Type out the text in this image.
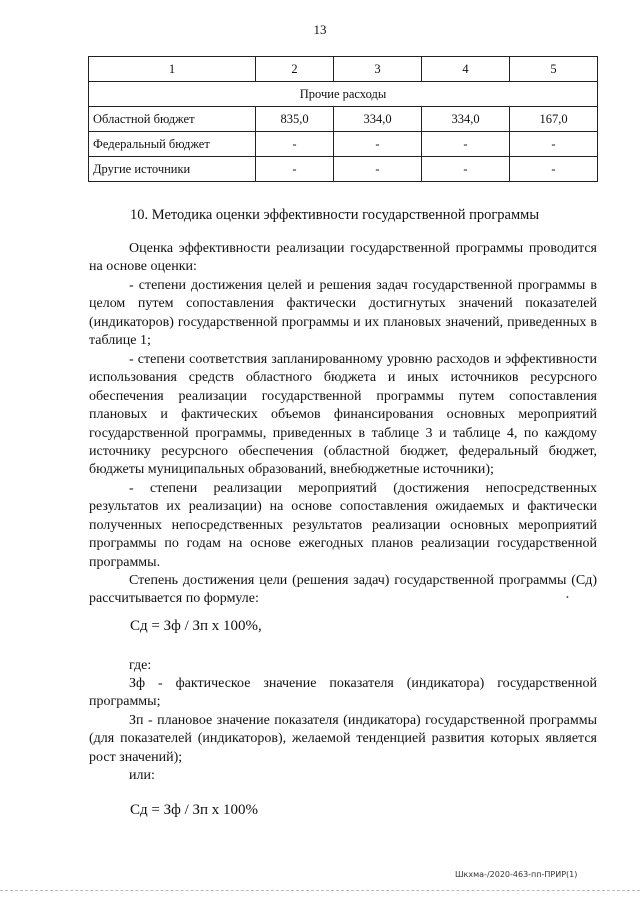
13
1	2	3	4	5
Прочие расходы				
Областной бюджет	835,0	334,0	334,0	167,0
Федеральный бюджет	-	-	-	-
Другие источники	-	-	-	-
10. Методика оценки эффективности государственной программы
Оценка эффективности реализации государственной программы проводится на основе оценки:
- степени достижения целей и решения задач государственной программы в целом путем сопоставления фактически достигнутых значений показателей (индикаторов) государственной программы и их плановых значений, приведенных в таблице 1;
- степени соответствия запланированному уровню расходов и эффективности использования средств областного бюджета и иных источников ресурсного обеспечения реализации государственной программы путем сопоставления плановых и фактических объемов финансирования основных мероприятий государственной программы, приведенных в таблице 3 и таблице 4, по каждому источнику ресурсного обеспечения (областной бюджет, федеральный бюджет, бюджеты муниципальных образований, внебюджетные источники);
- степени реализации мероприятий (достижения непосредственных результатов их реализации) на основе сопоставления ожидаемых и фактически полученных непосредственных результатов реализации основных мероприятий программы по годам на основе ежегодных планов реализации государственной программы.
Степень достижения цели (решения задач) государственной программы (Сд) рассчитывается по формуле:	•
Сд = Зф / Зп х 100%,
где:
Зф - фактическое значение показателя (индикатора) государственной программы;
Зп - плановое значение показателя (индикатора) государственной программы (для показателей (индикаторов), желаемой тенденцией развития которых является рост значений);
или:
Сд = Зф / Зп х 100%
Шкхма-/2020-463-пп-ПРИР(1)
